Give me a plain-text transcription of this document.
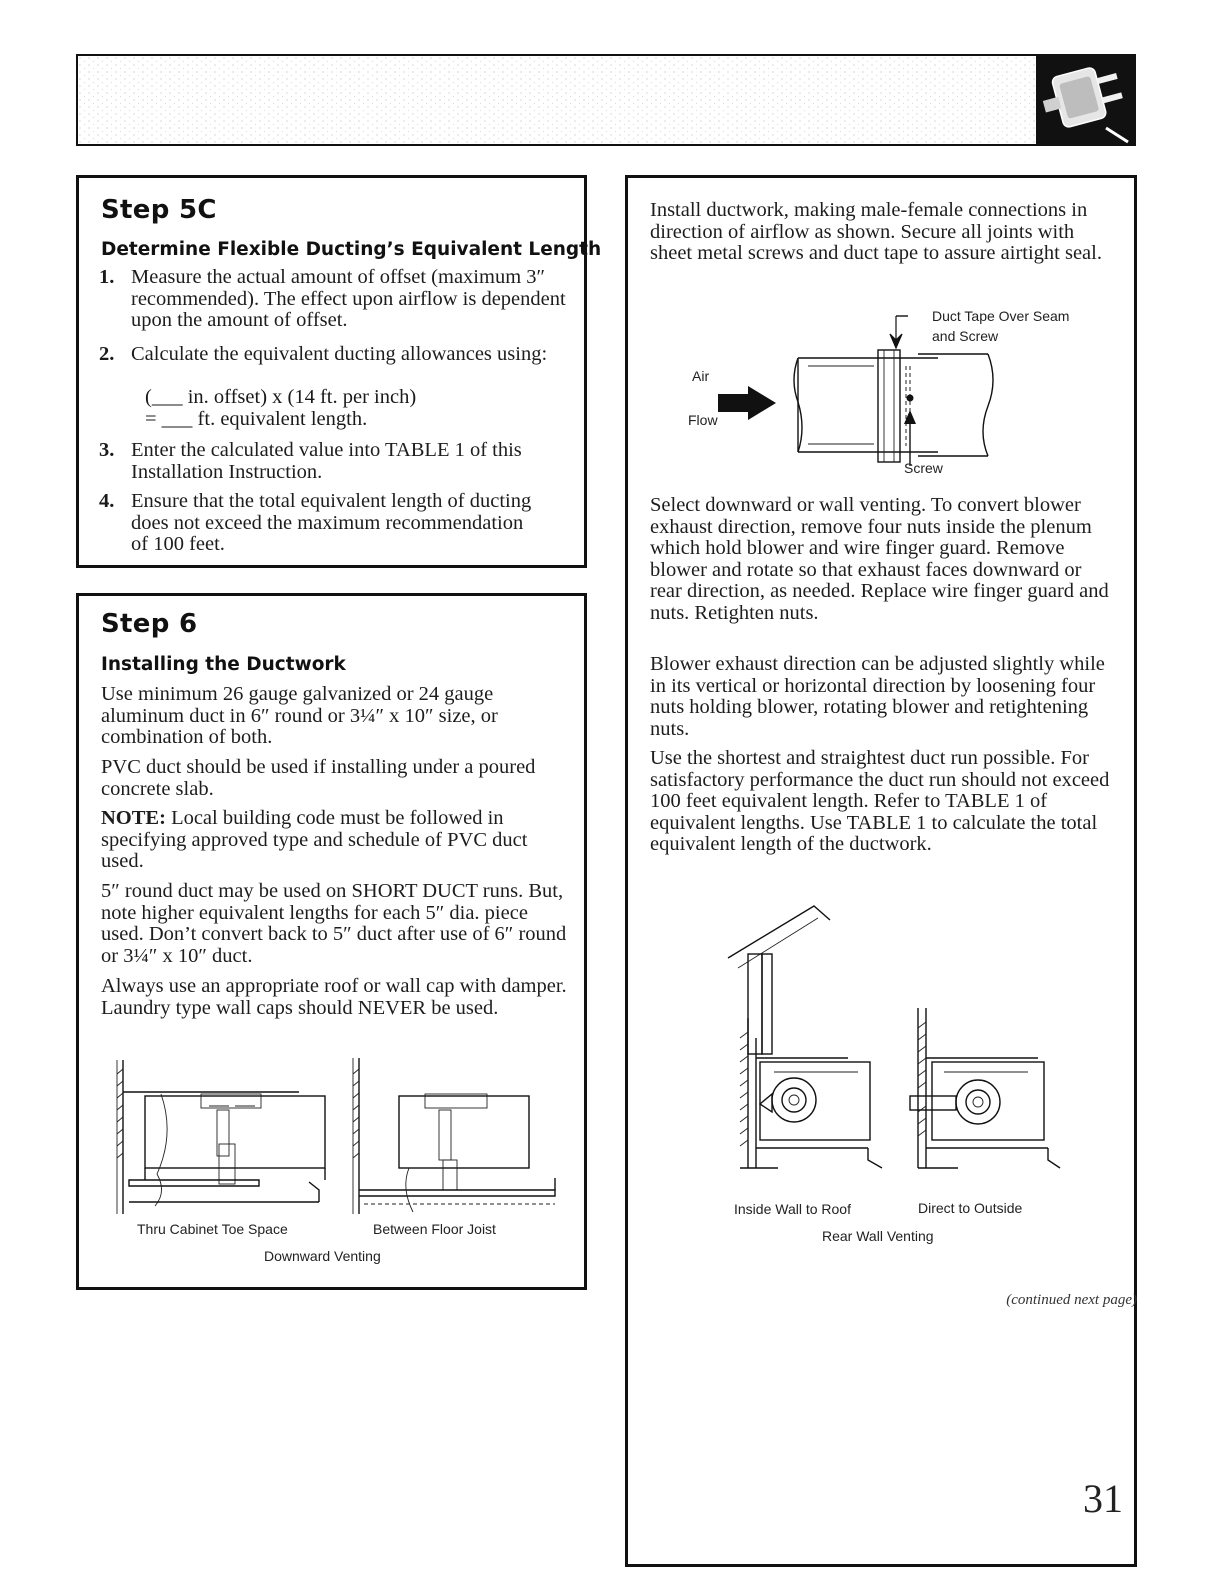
Step 5C
Determine Flexible Ducting’s Equivalent Length
1. Measure the actual amount of offset (maximum 3″ recommended). The effect upon airflow is dependent upon the amount of offset.

2. Calculate the equivalent ducting allowances using:

(___ in. offset) x (14 ft. per inch)
= ___ ft. equivalent length.
3. Enter the calculated value into TABLE 1 of this Installation Instruction.

4. Ensure that the total equivalent length of ducting does not exceed the maximum recommendation of 100 feet.

Step 6
Installing the Ductwork

Use minimum 26 gauge galvanized or 24 gauge aluminum duct in 6″ round or 3¼″ x 10″ size, or combination of both.

PVC duct should be used if installing under a poured concrete slab.

NOTE: Local building code must be followed in specifying approved type and schedule of PVC duct used.

5″ round duct may be used on SHORT DUCT runs. But, note higher equivalent lengths for each 5″ dia. piece used. Don’t convert back to 5″ duct after use of 6″ round or 3¼″ x 10″ duct.

Always use an appropriate roof or wall cap with damper. Laundry type wall caps should NEVER be used.

Thru Cabinet Toe Space	Between Floor Joist
Downward Venting

Install ductwork, making male-female connections in direction of airflow as shown. Secure all joints with sheet metal screws and duct tape to assure airtight seal.

Duct Tape Over Seam
and Screw
Air
Flow
Screw

Select downward or wall venting. To convert blower exhaust direction, remove four nuts inside the plenum which hold blower and wire finger guard. Remove blower and rotate so that exhaust faces downward or rear direction, as needed. Replace wire finger guard and nuts. Retighten nuts.

Blower exhaust direction can be adjusted slightly while in its vertical or horizontal direction by loosening four nuts holding blower, rotating blower and retightening nuts.

Use the shortest and straightest duct run possible. For satisfactory performance the duct run should not exceed 100 feet equivalent length. Refer to TABLE 1 of equivalent lengths. Use TABLE 1 to calculate the total equivalent length of the ductwork.

Inside Wall to Roof	Direct to Outside
Rear Wall Venting
(continued next page)
31
